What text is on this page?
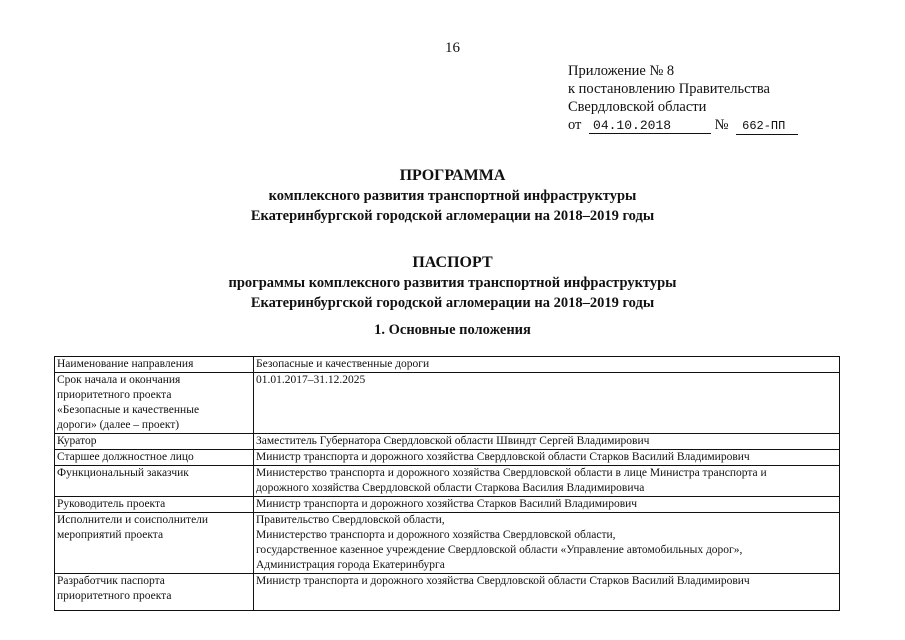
16
Приложение № 8
к постановлению Правительства
Свердловской области
от 04.10.2018	№ 662-ПП
ПРОГРАММА
комплексного развития транспортной инфраструктуры
Екатеринбургской городской агломерации на 2018–2019 годы
ПАСПОРТ
программы комплексного развития транспортной инфраструктуры
Екатеринбургской городской агломерации на 2018–2019 годы
1. Основные положения
Наименование направления	Безопасные и качественные дороги

Срок начала и окончания
приоритетного проекта
«Безопасные и качественные
дороги» (далее – проект)	01.01.2017–31.12.2025
Куратор	Заместитель Губернатора Свердловской области Швиндт Сергей Владимирович
Старшее должностное лицо	Министр транспорта и дорожного хозяйства Свердловской области Старков Василий Владимирович
Функциональный заказчик	Министерство транспорта и дорожного хозяйства Свердловской области в лице Министра транспорта и
дорожного хозяйства Свердловской области Старкова Василия Владимировича

Руководитель проекта	Министр транспорта и дорожного хозяйства Старков Василий Владимирович

Исполнители и соисполнители
мероприятий проекта	Правительство Свердловской области,
Министерство транспорта и дорожного хозяйства Свердловской области,
государственное казенное учреждение Свердловской области «Управление автомобильных дорог»,
Администрация города Екатеринбурга

Разработчик паспорта
приоритетного проекта	Министр транспорта и дорожного хозяйства Свердловской области Старков Василий Владимирович
